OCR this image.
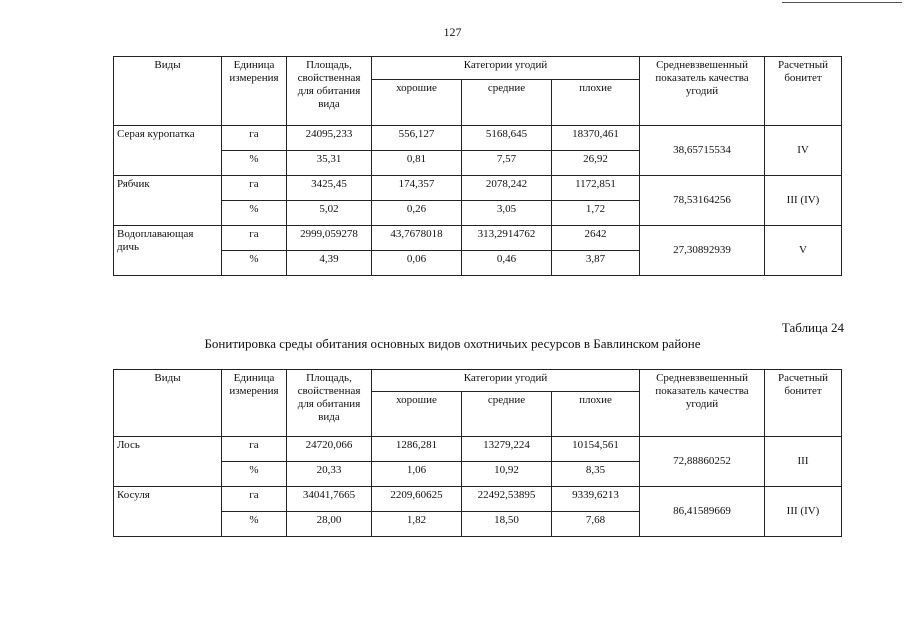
127
Виды	Единица измерения	Площадь, свойственная для обитания вида	Категории угодий			Средневзвешенный показатель качества угодий	Расчетный бонитет
			хорошие	средние	плохие		
Серая куропатка	га	24095,233	556,127	5168,645	18370,461	38,65715534	IV
	%	35,31	0,81	7,57	26,92		
Рябчик	га	3425,45	174,357	2078,242	1172,851	78,53164256	III (IV)
	%	5,02	0,26	3,05	1,72		
Водоплавающая дичь	га	2999,059278	43,7678018	313,2914762	2642	27,30892939	V
	%	4,39	0,06	0,46	3,87		
Таблица 24
Бонитировка среды обитания основных видов охотничьих ресурсов в Бавлинском районе
Виды	Единица измерения	Площадь, свойственная для обитания вида	Категории угодий			Средневзвешенный показатель качества угодий	Расчетный бонитет
			хорошие	средние	плохие		
Лось	га	24720,066	1286,281	13279,224	10154,561	72,88860252	III
	%	20,33	1,06	10,92	8,35		
Косуля	га	34041,7665	2209,60625	22492,53895	9339,6213	86,41589669	III (IV)
	%	28,00	1,82	18,50	7,68		
